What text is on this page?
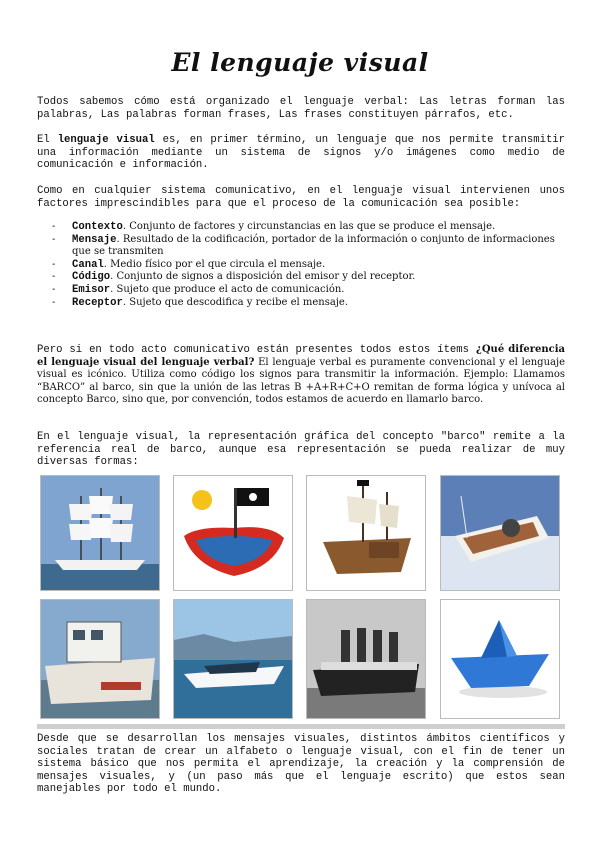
El lenguaje visual

Todos sabemos cómo está organizado el lenguaje verbal: Las letras forman las palabras, Las palabras forman frases, Las frases constituyen párrafos, etc.

El lenguaje visual es, en primer término, un lenguaje que nos permite transmitir una información mediante un sistema de signos y/o imágenes como medio de comunicación e información.

Como en cualquier sistema comunicativo, en el lenguaje visual intervienen unos factores imprescindibles para que el proceso de la comunicación sea posible:

- Contexto. Conjunto de factores y circunstancias en las que se produce el mensaje.
- Mensaje. Resultado de la codificación, portador de la información o conjunto de informaciones que se transmiten
- Canal. Medio físico por el que circula el mensaje.
- Código. Conjunto de signos a disposición del emisor y del receptor.
- Emisor. Sujeto que produce el acto de comunicación.
- Receptor. Sujeto que descodifica y recibe el mensaje.

Pero si en todo acto comunicativo están presentes todos estos ítems ¿Qué diferencia el lenguaje visual del lenguaje verbal? El lenguaje verbal es puramente convencional y el lenguaje visual es icónico. Utiliza como código los signos para transmitir la información. Ejemplo: Llamamos “BARCO” al barco, sin que la unión de las letras B +A+R+C+O remitan de forma lógica y unívoca al concepto Barco, sino que, por convención, todos estamos de acuerdo en llamarlo barco.

En el lenguaje visual, la representación gráfica del concepto "barco" remite a la referencia real de barco, aunque esa representación se pueda realizar de muy diversas formas:

Desde que se desarrollan los mensajes visuales, distintos ámbitos científicos y sociales tratan de crear un alfabeto o lenguaje visual, con el fin de tener un sistema básico que nos permita el aprendizaje, la creación y la comprensión de mensajes visuales, y (un paso más que el lenguaje escrito) que estos sean manejables por todo el mundo.
